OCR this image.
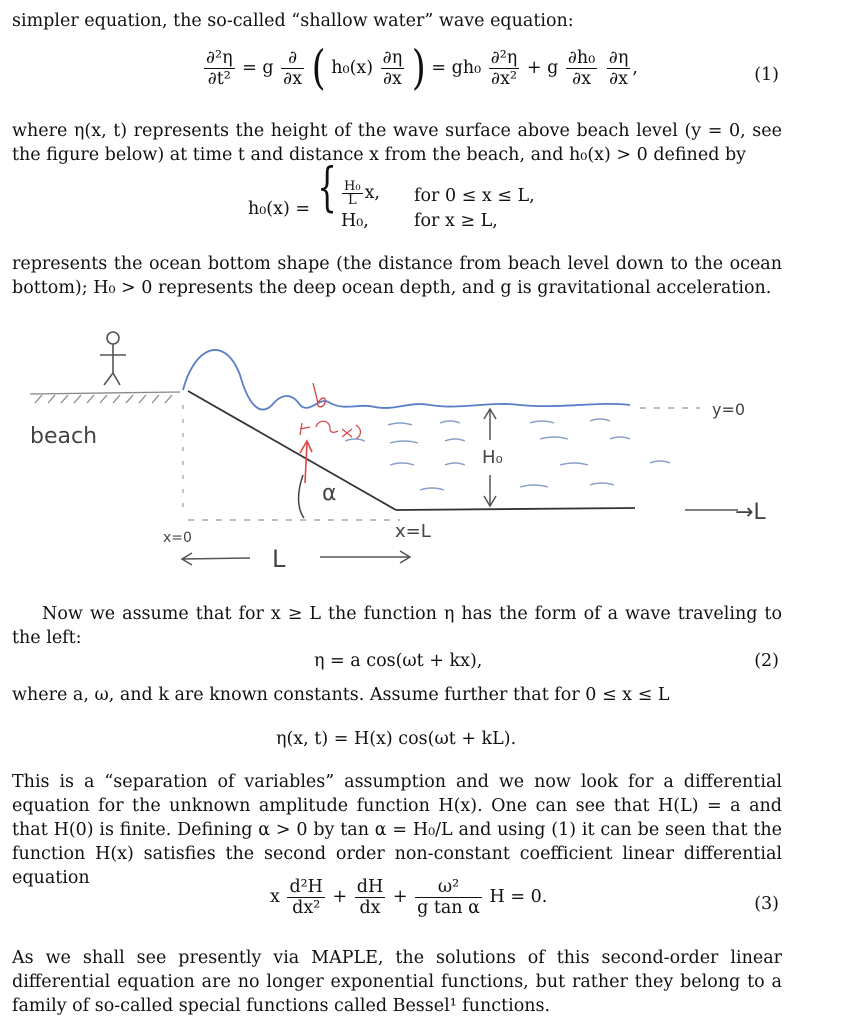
simpler equation, the so-called “shallow water” wave equation:
$\frac{\text{∂²η}}{\text{∂t²}} = g \frac{\partial}{\partial x}$ ( $h_0(x) \frac{\partial\eta}{\partial x}$ ) = $gh_0 \frac{\text{∂²η}}{\text{∂x²}} + g \frac{\text{∂h₀}}{\partial x}$
$\frac{\partial\eta}{\partial x}$ ,	(1)
where η(x, t) represents the height of the wave surface above beach level (y = 0, see the figure below) at time t and distance x from the beach, and h₀(x) > 0 defined by
h₀(x) = { $\frac{\text{H₀}}{L} x$, for 0 ≤ x ≤ L,
H₀,	for x ≥ L,
represents the ocean bottom shape (the distance from beach level down to the ocean bottom); H₀ > 0 represents the deep ocean depth, and g is gravitational acceleration.
beach
α
H₀
x=0	x=L
L
→L
y=0
Now we assume that for x ≥ L the function η has the form of a wave traveling to the left:
η = a cos(ωt + kx),	(2)
where a, ω, and k are known constants. Assume further that for 0 ≤ x ≤ L
η(x, t) = H(x) cos(ωt + kL).
This is a “separation of variables” assumption and we now look for a differential equation for the unknown amplitude function H(x). One can see that H(L) = a and that H(0) is finite. Defining α > 0 by tan α = H₀/L and using (1) it can be seen that the function H(x) satisfies the second order non-constant coefficient linear differential equation
x $\frac{\text{d²H}}{\text{dx²}} + \frac{dH}{dx} + \frac{\text{ω²}}{\text{g tan α}}$ H = 0.	(3)
As we shall see presently via MAPLE, the solutions of this second-order linear differential equation are no longer exponential functions, but rather they belong to a family of so-called special functions called Bessel¹ functions.
